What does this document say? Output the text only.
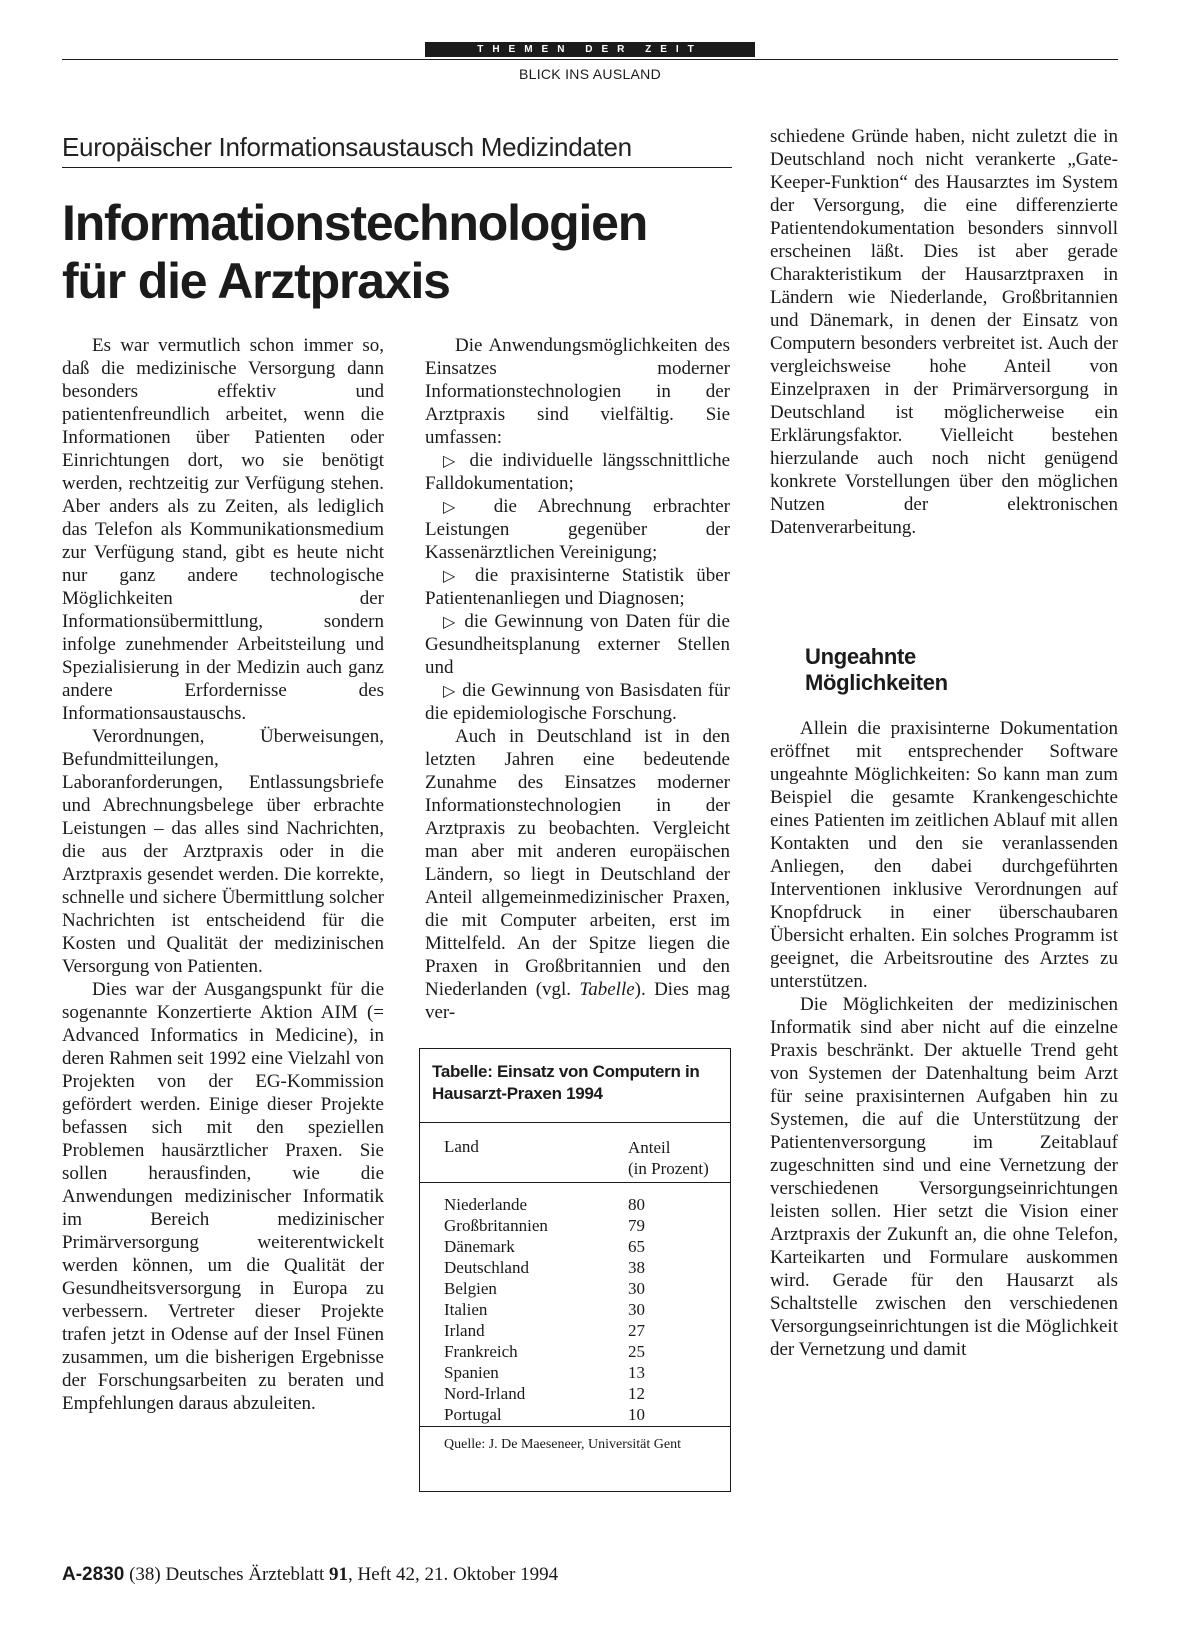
THEMEN DER ZEIT
BLICK INS AUSLAND
Europäischer Informationsaustausch Medizindaten
Informationstechnologien
für die Arztpraxis

Es war vermutlich schon immer so, daß die medizinische Versorgung dann besonders effektiv und patientenfreundlich arbeitet, wenn die Informationen über Patienten oder Einrichtungen dort, wo sie benötigt werden, rechtzeitig zur Verfügung stehen. Aber anders als zu Zeiten, als lediglich das Telefon als Kommunikationsmedium zur Verfügung stand, gibt es heute nicht nur ganz andere technologische Möglichkeiten der Informationsübermittlung, sondern infolge zunehmender Arbeitsteilung und Spezialisierung in der Medizin auch ganz andere Erfordernisse des Informationsaustauschs.

Verordnungen, Überweisungen, Befundmitteilungen, Laboranforderungen, Entlassungsbriefe und Abrechnungsbelege über erbrachte Leistungen – das alles sind Nachrichten, die aus der Arztpraxis oder in die Arztpraxis gesendet werden. Die korrekte, schnelle und sichere Übermittlung solcher Nachrichten ist entscheidend für die Kosten und Qualität der medizinischen Versorgung von Patienten.

Dies war der Ausgangspunkt für die sogenannte Konzertierte Aktion AIM (= Advanced Informatics in Medicine), in deren Rahmen seit 1992 eine Vielzahl von Projekten von der EG-Kommission gefördert werden. Einige dieser Projekte befassen sich mit den speziellen Problemen hausärztlicher Praxen. Sie sollen herausfinden, wie die Anwendungen medizinischer Informatik im Bereich medizinischer Primärversorgung weiterentwickelt werden können, um die Qualität der Gesundheitsversorgung in Europa zu verbessern. Vertreter dieser Projekte trafen jetzt in Odense auf der Insel Fünen zusammen, um die bisherigen Ergebnisse der Forschungsarbeiten zu beraten und Empfehlungen daraus abzuleiten.

Die Anwendungsmöglichkeiten des Einsatzes moderner Informationstechnologien in der Arztpraxis sind vielfältig. Sie umfassen:

▷ die individuelle längsschnittliche Falldokumentation;

▷ die Abrechnung erbrachter Leistungen gegenüber der Kassenärztlichen Vereinigung;

▷ die praxisinterne Statistik über Patientenanliegen und Diagnosen;

▷ die Gewinnung von Daten für die Gesundheitsplanung externer Stellen und

▷ die Gewinnung von Basisdaten für die epidemiologische Forschung.

Auch in Deutschland ist in den letzten Jahren eine bedeutende Zunahme des Einsatzes moderner Informationstechnologien in der Arztpraxis zu beobachten. Vergleicht man aber mit anderen europäischen Ländern, so liegt in Deutschland der Anteil allgemeinmedizinischer Praxen, die mit Computer arbeiten, erst im Mittelfeld. An der Spitze liegen die Praxen in Großbritannien und den Niederlanden (vgl. Tabelle). Dies mag ver-

Tabelle: Einsatz von Computern in
Hausarzt-Praxen 1994
Land	Anteil
(in Prozent)
Niederlande	80
Großbritannien	79
Dänemark	65
Deutschland	38
Belgien	30
Italien	30
Irland	27
Frankreich	25
Spanien	13
Nord-Irland	12
Portugal	10
Quelle: J. De Maeseneer, Universität Gent

schiedene Gründe haben, nicht zuletzt die in Deutschland noch nicht verankerte „Gate-Keeper-Funktion“ des Hausarztes im System der Versorgung, die eine differenzierte Patientendokumentation besonders sinnvoll erscheinen läßt. Dies ist aber gerade Charakteristikum der Hausarztpraxen in Ländern wie Niederlande, Großbritannien und Dänemark, in denen der Einsatz von Computern besonders verbreitet ist. Auch der vergleichsweise hohe Anteil von Einzelpraxen in der Primärversorgung in Deutschland ist möglicherweise ein Erklärungsfaktor. Vielleicht bestehen hierzulande auch noch nicht genügend konkrete Vorstellungen über den möglichen Nutzen der elektronischen Datenverarbeitung.

Ungeahnte
Möglichkeiten

Allein die praxisinterne Dokumentation eröffnet mit entsprechender Software ungeahnte Möglichkeiten: So kann man zum Beispiel die gesamte Krankengeschichte eines Patienten im zeitlichen Ablauf mit allen Kontakten und den sie veranlassenden Anliegen, den dabei durchgeführten Interventionen inklusive Verordnungen auf Knopfdruck in einer überschaubaren Übersicht erhalten. Ein solches Programm ist geeignet, die Arbeitsroutine des Arztes zu unterstützen.

Die Möglichkeiten der medizinischen Informatik sind aber nicht auf die einzelne Praxis beschränkt. Der aktuelle Trend geht von Systemen der Datenhaltung beim Arzt für seine praxisinternen Aufgaben hin zu Systemen, die auf die Unterstützung der Patientenversorgung im Zeitablauf zugeschnitten sind und eine Vernetzung der verschiedenen Versorgungseinrichtungen leisten sollen. Hier setzt die Vision einer Arztpraxis der Zukunft an, die ohne Telefon, Karteikarten und Formulare auskommen wird. Gerade für den Hausarzt als Schaltstelle zwischen den verschiedenen Versorgungseinrichtungen ist die Möglichkeit der Vernetzung und damit

A-2830 (38) Deutsches Ärzteblatt 91, Heft 42, 21. Oktober 1994
